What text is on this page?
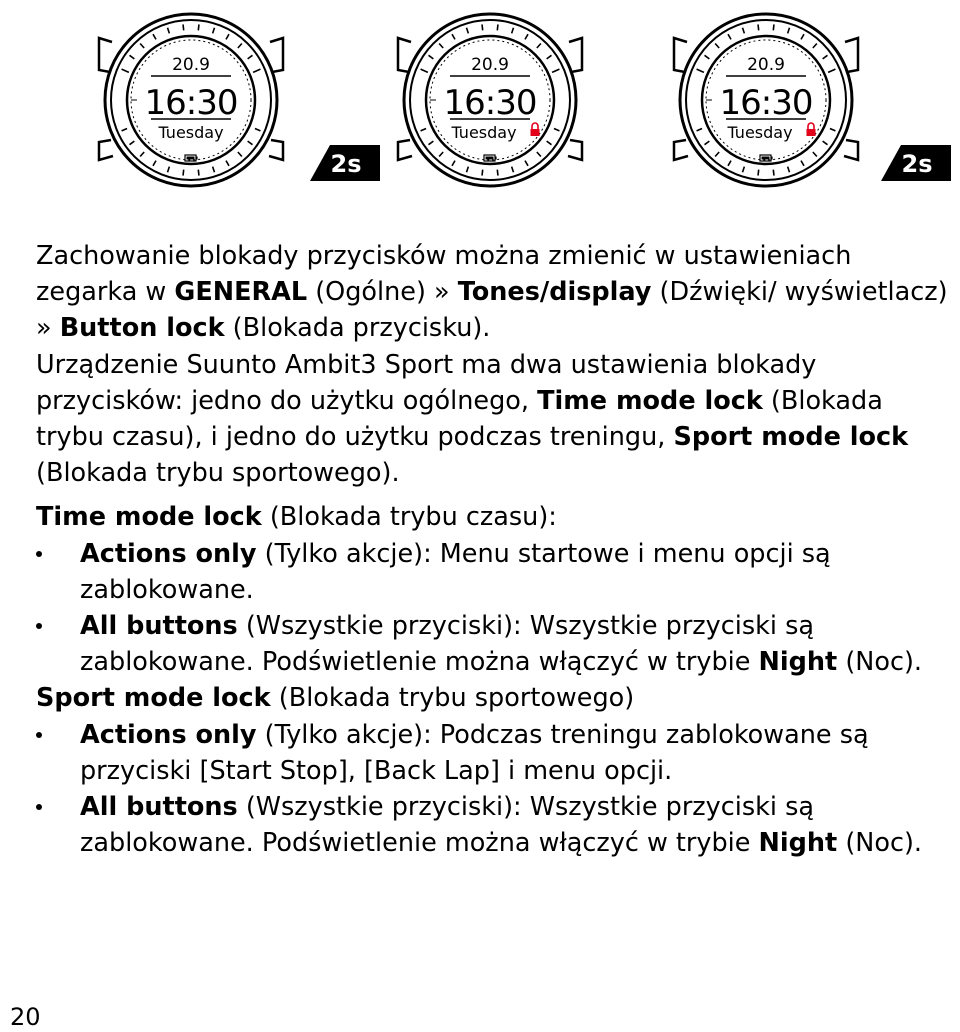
20.9
16:30
Tuesday
2s
20.9
16:30
Tuesday
20.9
16:30
Tuesday
2s

Zachowanie blokady przycisków można zmienić w ustawieniach zegarka w GENERAL (Ogólne) » Tones/display (Dźwięki/ wyświetlacz) » Button lock (Blokada przycisku).

Urządzenie Suunto Ambit3 Sport ma dwa ustawienia blokady przycisków: jedno do użytku ogólnego, Time mode lock (Blokada trybu czasu), i jedno do użytku podczas treningu, Sport mode lock (Blokada trybu sportowego).

Time mode lock (Blokada trybu czasu):

Actions only (Tylko akcje): Menu startowe i menu opcji są zablokowane.

All buttons (Wszystkie przyciski): Wszystkie przyciski są zablokowane. Podświetlenie można włączyć w trybie Night (Noc).

Sport mode lock (Blokada trybu sportowego)

Actions only (Tylko akcje): Podczas treningu zablokowane są przyciski [Start Stop], [Back Lap] i menu opcji.

All buttons (Wszystkie przyciski): Wszystkie przyciski są zablokowane. Podświetlenie można włączyć w trybie Night (Noc).

20
